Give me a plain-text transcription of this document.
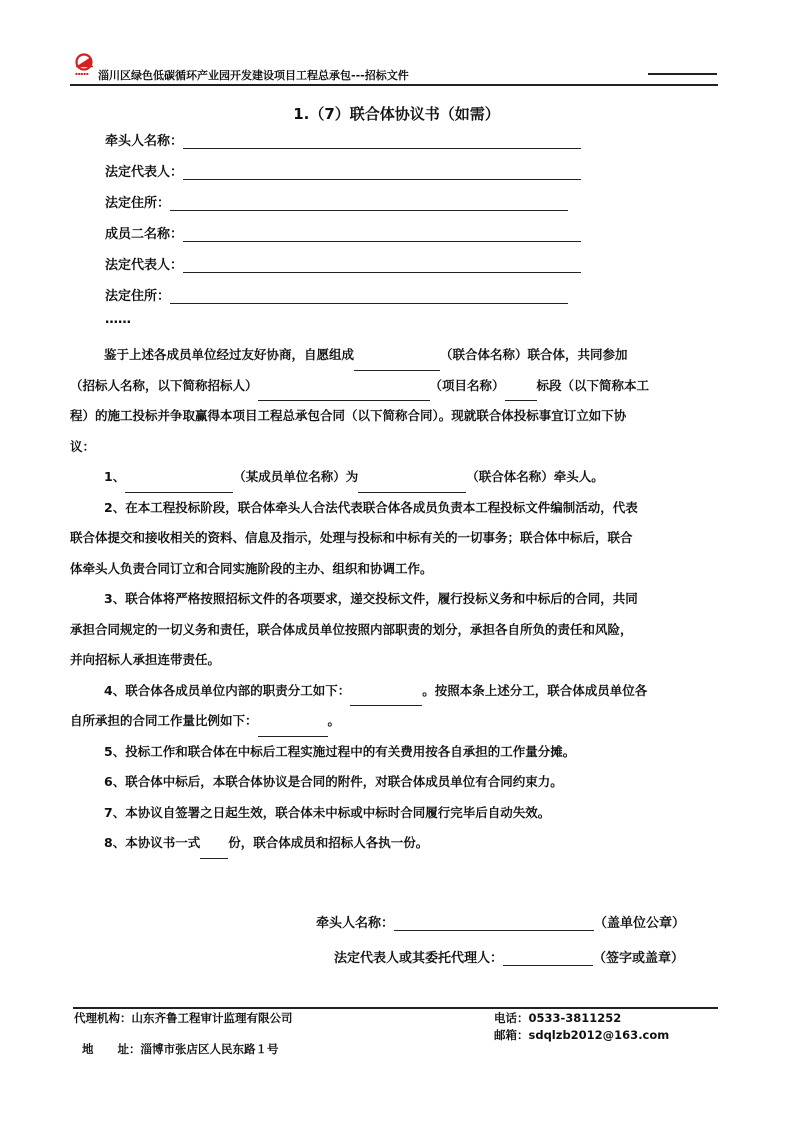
▪▪▪▪▪ 淄川区绿色低碳循环产业园开发建设项目工程总承包---招标文件
1.（7）联合体协议书（如需）
牵头人名称：
法定代表人：
法定住所：
成员二名称：
法定代表人：
法定住所：
……

鉴于上述各成员单位经过友好协商，自愿组成	（联合体名称）联合体，共同参加

（招标人名称，以下简称招标人）	（项目名称）	标段（以下简称本工

程）的施工投标并争取赢得本项目工程总承包合同（以下简称合同）。现就联合体投标事宜订立如下协

议：

1、	（某成员单位名称）为	（联合体名称）牵头人。

2、在本工程投标阶段，联合体牵头人合法代表联合体各成员负责本工程投标文件编制活动，代表

联合体提交和接收相关的资料、信息及指示，处理与投标和中标有关的一切事务；联合体中标后，联合

体牵头人负责合同订立和合同实施阶段的主办、组织和协调工作。

3、联合体将严格按照招标文件的各项要求，递交投标文件，履行投标义务和中标后的合同，共同

承担合同规定的一切义务和责任，联合体成员单位按照内部职责的划分，承担各自所负的责任和风险，

并向招标人承担连带责任。

4、联合体各成员单位内部的职责分工如下：	。按照本条上述分工，联合体成员单位各

自所承担的合同工作量比例如下：	。

5、投标工作和联合体在中标后工程实施过程中的有关费用按各自承担的工作量分摊。

6、联合体中标后，本联合体协议是合同的附件，对联合体成员单位有合同约束力。

7、本协议自签署之日起生效，联合体未中标或中标时合同履行完毕后自动失效。

8、本协议书一式 份，联合体成员和招标人各执一份。

牵头人名称：	（盖单位公章）
法定代表人或其委托代理人：	（签字或盖章）
代理机构：山东齐鲁工程审计监理有限公司

地      址：淄博市张店区人民东路１号

电话：0533-3811252
邮箱：sdqlzb2012@163.com
